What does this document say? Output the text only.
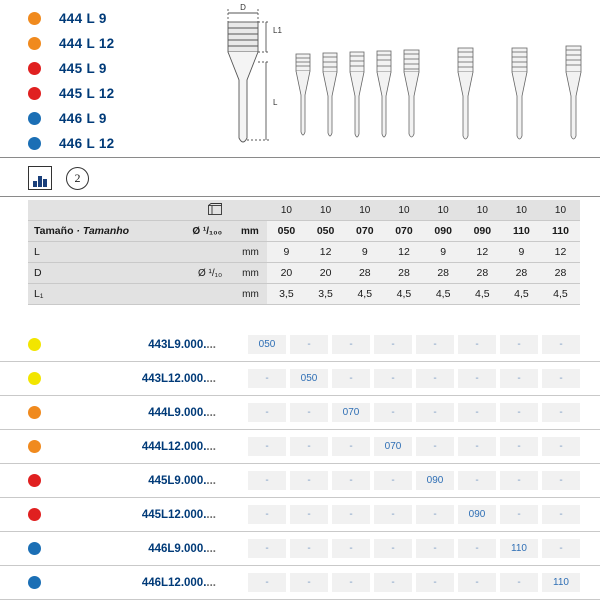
444 L 9
444 L 12
445 L 9
445 L 12
446 L 9
446 L 12
D
L1
L
2
			10	10	10	10	10	10	10	10
Tamaño · Tamanho	Ø ¹/₁₀₀	mm	050	050	070	070	090	090	110	110
L		mm	9	12	9	12	9	12	9	12
D	Ø ¹/₁₀	mm	20	20	28	28	28	28	28	28
L₁		mm	3,5	3,5	4,5	4,5	4,5	4,5	4,5	4,5
443L9.000....	050	-	-	-	-	-	-	-
443L12.000....	-	050	-	-	-	-	-	-
444L9.000....	-	-	070	-	-	-	-	-
444L12.000....	-	-	-	070	-	-	-	-
445L9.000....	-	-	-	-	090	-	-	-
445L12.000....	-	-	-	-	-	090	-	-
446L9.000....	-	-	-	-	-	-	110	-
446L12.000....	-	-	-	-	-	-	-	110
